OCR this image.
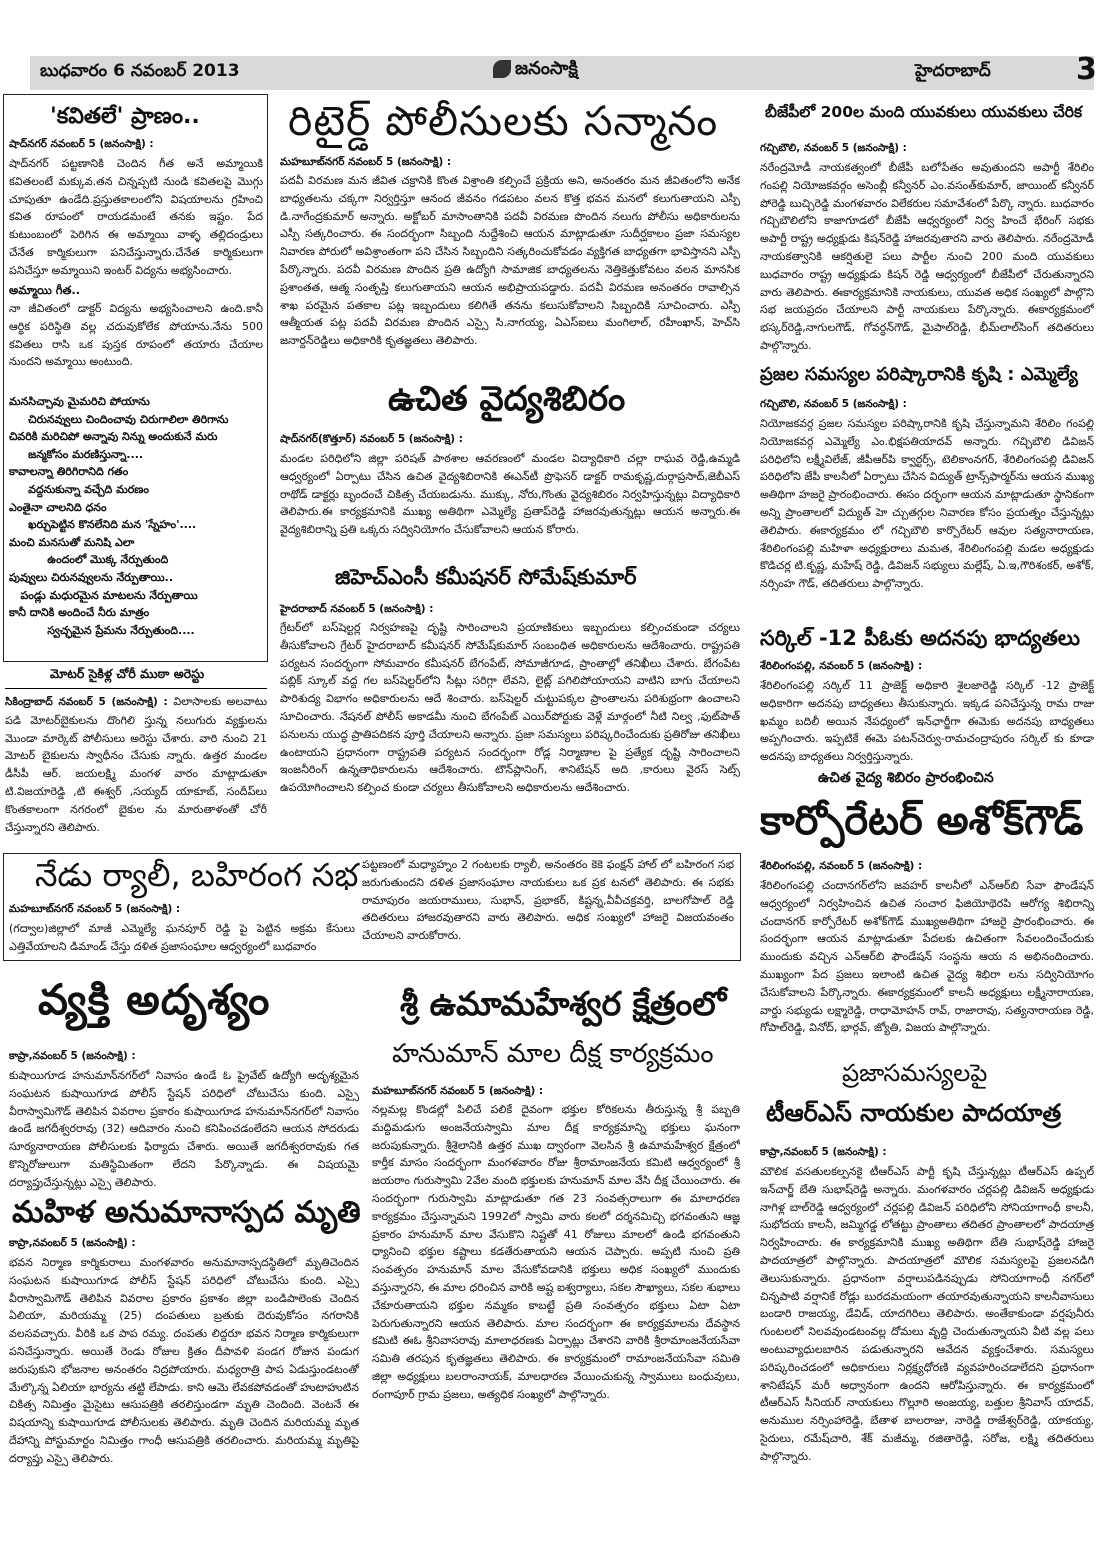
బుధవారం 6 నవంబర్ 2013	జనంసాక్షి	హైదరాబాద్	3
'కవితలే' ప్రాణం..
షాద్‌నగర్ నవంబర్ 5 (జనంసాక్షి) :
షాద్‌నగర్ పట్టణానికి చెందిన గీత అనే అమ్మాయికి కవితలంటే మక్కువ.తన చిన్నప్పటి నుండి కవితలపై మొగ్గు చూపుతూ ఉండేది.ప్రస్తుతకాలంలోని విషయాలను గ్రహించి కవిత రూపంలో రాయడమంటే తనకు ఇష్టం. పేద కుటుంబంలో పెరిగిన ఈ అమ్మాయి వాళ్ళ తల్లిదండ్రులు చేనేత కార్మికులుగా పనిచేస్తున్నారు.చేనేత కార్మికులుగా పనిచేస్తూ అమ్మాయిని ఇంటర్ విద్యను అభ్యసించారు.
అమ్మాయి గీత..
నా జీవితంలో డాక్టర్ విద్యను అభ్యసించాలని ఉంది.కానీ ఆర్థిక పరిస్థితి వల్ల చదువుకోలేక పోయాను.నేను 500 కవితలు రాసి ఒక పుస్తక రూపంలో తయారు చేయాల నుందని అమ్మాయి అంటుంది.
మనసిచ్చావు మైమరిచి పోయాను
చిరునవ్వులు చిందించావు చిరుగాలిలా తిరిగాను
చివరికి మరిచిపో అన్నావు నిన్ను అందుకునే మరు
జన్మకోసం మరణిస్తున్నా....
కావాలన్నా తిరిగిరానిది గతం
వద్దనుకున్నా వచ్చేది మరణం
ఎంతైనా చాలనిది ధనం
ఖర్చుపెట్టిన కొనలేనిది మన 'స్నేహం'....
మంచి మనసుతో మనిషి ఎలా
ఉందంలో మొక్క నేర్పుతుంది
పువ్వులు చిరునవ్వులను నేర్పుతాయి..
పండ్లు మధురమైన మాటలను నేర్పుతాయి
కానీ దానికి అందించే నీరు మాత్రం
స్వచ్ఛమైన ప్రేమను నేర్పుతుంది....
మోటర్ సైకిళ్ల చోరీ ముఠా అరెస్టు
సికింద్రాబాద్ నవంబర్ 5 (జనంసాక్షి) : విలాసాలకు అలవాటు పడి మోటర్‌బైకులను దొంగిలి స్తున్న నలుగురు వ్యక్తులను మొండా మార్కెట్ పోలీసులు అరెస్టు చేశారు. వారి నుంచి 21 మోటర్ బైకులను స్వాధీనం చేసుకు న్నారు. ఉత్తర మండల డీసీపీ ఆర్. జయలక్ష్మి మంగళ వారం మాట్లాడుతూ టి.విజయారెడ్డి ,టి ఈశ్వర్ ,సయ్యద్ యాకూబ్, సందీప్‌లు కొంతకాలంగా నగరంలో బైకుల ను మారుతాళంతో చోరీ చేస్తున్నారని తెలిపారు.
రిటైర్డ్ పోలీసులకు సన్మానం
మహబూబ్‌నగర్ నవంబర్ 5 (జనంసాక్షి) :
పదవీ విరమణ మన జీవిత చక్రానికి కొంత విశ్రాంతి కల్పించే ప్రక్రియ అని, అనంతరం మన జీవితంలోని అనేక బాధ్యతలను చక్కగా నిర్వర్తిస్తూ ఆనంద జీవనం గడపటం వలన కొత్త భవన మనలో కలుగుతాయని ఎస్పీ డి.నాగేంద్రకుమార్ అన్నారు. అక్టోబర్ మాసాంతానికి పదవీ విరమణ పొందిన నలుగు పోలీసు అధికారులను ఎస్పీ సత్కరించారు. ఈ సందర్భంగా సిబ్బంది నుద్దేశించి ఆయన మాట్లాడుతూ సుదీర్ఘకాలం ప్రజా సమస్యల నివారణ పోరులో అవిశ్రాంతంగా పని చేసిన సిబ్బందిని సత్కరించుకోవడం వ్యక్తిగత బాధ్యతగా భావిస్తానని ఎస్పీ పేర్కొన్నారు. పదవీ విరమణ పొందిన ప్రతి ఉద్యోగి సామాజిక బాధ్యతలను నెత్తికెత్తుకోవటం వలన మానసిక ప్రశాంతత, ఆత్మ సంతృప్తి కలుగుతాయని ఆయన అభిప్రాయపడ్డారు. పదవీ విరమణ అనంతరం రావాల్సిన శాఖ పరమైన పతకాల పట్ల ఇబ్బందులు కలిగితే తనను కలుసుకోవాలని సిబ్బందికి సూచించారు. ఎస్పీ ఆత్మీయత పట్ల పదవీ విరమణ పొందిన ఎస్సై సి.నాగయ్య, ఏఎస్‌ఐలు మంగిలాల్, రహీంఖాన్, హెచ్‌సి జనార్దన్‌రెడ్డిలు అధికారికి కృతజ్ఞతలు తెలిపారు.
ఉచిత వైద్యశిబిరం
షాద్‌నగర్(కొత్తూర్) నవంబర్ 5 (జనంసాక్షి) :
మండల పరిధిలోని జిల్లా పరిషత్ పాఠశాల ఆవరణంలో మండల విద్యాధికారి చల్లా రాఘవ రెడ్డి,ఉమ్మడి ఆధ్వర్యంలో ఏర్పాటు చేసిన ఉచిత వైద్యశిబిరానికి ఈఎన్‌టీ ప్రొఫెసర్ డాక్టర్ రామకృష్ణ,దుర్గాప్రసాద్,జెబీఎస్ రాథోడ్ డాక్టర్లు బృందంచే చికిత్స చేయబడును. ముక్కు, నోరు,గొంతు వైద్యశిబిరం నిర్వహిస్తున్నట్లు విద్యాధికారి తెలిపారు.ఈ కార్యక్రమానికి ముఖ్య అతిథిగా ఎమ్మెల్యే ప్రతాప్‌రెడ్డి హాజరవుతున్నట్లు ఆయన అన్నారు.ఈ వైద్యశిబిరాన్ని ప్రతి ఒక్కరు సద్వినియోగం చేసుకోవాలని ఆయన కోరారు.
జిహెచ్‌ఎంసీ కమీషనర్ సోమేష్‌కుమార్
హైదరాబాద్ నవంబర్ 5 (జనంసాక్షి) :
గ్రేటర్‌లో బస్‌షెల్టర్ల నిర్వహణపై దృష్టి సారించాలని ప్రయాణికులు ఇబ్బందులు కల్పించకుండా చర్యలు తీసుకోవాలని గ్రేటర్ హైదరాబాద్ కమీషనర్ సోమేష్‌కుమార్ సంబంధిత అధికారులను ఆదేశించారు. రాష్ట్రపతి పర్యటన సందర్భంగా సోమవారం కమీషనర్ బేగంపేట్, సోమాజీగూడ, ప్రాంతాల్లో తనిఖీలు చేశారు. బేగంపేట పబ్లిక్ స్కూల్ వద్ద గల బస్‌షెల్టర్‌లోని సీట్లు సరిగ్గా లేవని, లైట్ల్ పగిలిపోయాయని వాటిని బాగు చేయాలని పారిశుద్య విభాగం అధికారులను ఆదే శించారు. బస్‌షెల్టర్ చుట్టుపక్కల ప్రాంతాలను పరిశుభ్రంగా ఉంచాలని సూచించారు. నేషనల్ పోలీస్ అకాడమీ నుంచి బేగంపేట్ ఎయిర్‌పోర్టుకు వెళ్లే మార్గంలో నీటి నిల్వ ,ఫుట్‌పాత్ పనులను యుద్ధ ప్రాతిపదికన పూర్తి చేయాలని అన్నారు. ప్రజా సమస్యలు పరిష్కరించేందుకు ప్రతిరోజు తనిఖీలు ఉంటాయని ప్రధానంగా రాష్ట్రపతి పర్యటన సందర్భంగా రోడ్ల నిర్మాణాల పై ప్రత్యేక దృష్టి సారించాలని ఇంజనీరింగ్ ఉన్నతాధికారులను ఆదేశించారు. టౌన్‌ప్లానింగ్, శానిటేషన్ అది ,కారులు వైరస్ సెట్స్ ఉపయోగించాలని కల్పించ కుండా చర్యలు తీసుకోవాలని అధికారులను ఆదేశించారు.
నేడు ర్యాలీ, బహిరంగ సభ
మహబూబ్‌నగర్ నవంబర్ 5 (జనంసాక్షి) :
(గద్వాల)జిల్లాలో మాజీ ఎమ్మెల్యే ఘనపూర్ రెడ్డి పై పెట్టిన అక్రమ కేసులు ఎత్తివేయాలని డిమాండ్ చేస్తు దళిత ప్రజాసంఘాల ఆధ్వర్యంలో బుధవారం
పట్టణంలో మధ్యాహ్నం 2 గంటలకు ర్యాలీ, అనంతరం కెకె ఫంక్షన్ హాల్ లో బహిరంగ సభ జరుగుతుందని దళిత ప్రజాసంఘాల నాయకులు ఒక ప్రక టనలో తెలిపారు. ఈ సభకు రామాపురం జయరాములు, సుభాన్, ప్రభాకర్, కిష్టన్న,వీవీచక్రవర్తి, బాలగోపాల్ రెడ్డి తదితరులు హాజరవుతారని వారు తెలిపారు. అధిక సంఖ్యలో హాజరై విజయవంతం చేయాలని వారుకోరారు.
వ్యక్తి అదృశ్యం
కాప్రా,నవంబర్ 5 (జనంసాక్షి) :
కుషాయిగూడ హనుమాన్‌నగర్‌లో నివాసం ఉండే ఓ ప్రైవేట్ ఉద్యోగి అదృశ్యమైన సంఘటన కుషాయిగూడ పోలీస్ స్టేషన్ పరిధిలో చోటుచేసు కుంది. ఎస్సై వీరాస్వామిగౌడ్ తెలిపిన వివరాల ప్రకారం కుషాయిగూడ హనుమాన్‌నగర్‌లో నివాసం ఉండే జగదీశ్వరరావు (32) ఆదివారం నుంచి కనిపించడంలేదని ఆయన సోదరుడు సూర్యనారాయణ పోలీసులకు ఫిర్యాదు చేశారు. అయితే జగదీశ్వరరావుకు గత కొన్నిరోజులుగా మతిస్థిమితంగా లేదని పేర్కొన్నాడు. ఈ విషయమై దర్యాప్తుచేస్తున్నట్లు ఎస్సై తెలిపారు.
మహిళ అనుమానాస్పద మృతి
కాప్రా,నవంబర్ 5 (జనంసాక్షి) :
భవన నిర్మాణ కార్మికురాలు మంగళవారం అనుమానాస్పదస్థితిలో మృతిచెందిన సంఘటన కుషాయిగూడ పోలీస్ స్టేషన్ పరిధిలో చోటుచేసు కుంది. ఎస్సై వీరాస్వామిగౌడ్ తెలిపిన వివరాల ప్రకారం ప్రకాశం జిల్లా బండిపాలెంకు చెందిన ఏలియా, మరియమ్మ (25) దంపతులు బ్రతుకు దెరువుకోసం నగరానికి వలసవచ్చారు. వీరికి ఒక పాప రమ్య. దంపతు లిద్దరూ భవన నిర్మాణ కార్మికులుగా పనిచేస్తున్నారు. అయితే రెండు రోజుల క్రితం దీపావళి పండగ రోజున పండుగ జరుపుకుని భోజనాల అనంతరం నిద్రపోయారు. మధ్యరాత్రి పాప ఏడుస్తుండటంతో మేల్కొన్న ఏలియా భార్యను తట్టి లేపాడు. కాని ఆమె లేవకపోవడంతో హుటాహుటిన చికిత్స నిమిత్తం మైసైటు ఆసుపత్రికి తరలిస్తుండగా మృతి చెందింది. వెంటనే ఈ విషయాన్ని కుషాయిగూడ పోలీసులకు తెలిపారు. మృతి చెందిన మరియమ్మ మృత దేహాన్ని పోస్టుమార్టం నిమిత్తం గాంధీ ఆసుపత్రికి తరలించారు. మరియమ్మ మృతిపై దర్యాప్తు ఎస్సై తెలిపారు.
శ్రీ ఉమామహేశ్వర క్షేత్రంలో
హనుమాన్ మాల దీక్ష కార్యక్రమం
మహబూబ్‌నగర్ నవంబర్ 5 (జనంసాక్షి) :
నల్లమల్ల కొండల్లో పిలిచే పలికే దైవంగా భక్తుల కోరికలను తీరుస్తున్న శ్రీ పబ్బతి మద్దిమడుగు అంజనేయస్వామి మాల దీక్ష కార్యక్రమాన్ని భక్తులు ఘనంగా జరుపుకున్నారు. శ్రీశైలానికి ఉత్తర ముఖ ద్వారంగా వెలసిన శ్రీ ఉమామహేశ్వర క్షేత్రంలో కార్తీక మాసం సందర్భంగా మంగళవారం రోజు శ్రీరామాంజనేయ కమిటి ఆధ్వర్యంలో శ్రీ జయరాం గురుస్వామి 2వేల మంది భక్తులకు హనుమాన్ మాల వేసి దీక్ష చేయించారు. ఈ సందర్భంగా గురుస్వామి మాట్లాడుతూ గత 23 సంవత్సరాలుగా ఈ మాలాధరణ కార్యక్రమం చేస్తున్నామని 1992లో స్వామి వారు కలలో దర్శనమిచ్చి భగవంతుని ఆజ్ఞ ప్రకారం హనుమాన్ మాల వేసుకొని నిష్టతో 41 రోజులు మాలలో ఉండి భగవంతుని ధ్యానించి భక్తుల కష్టాలు కడతేరుతాయని ఆయన చెప్పారు. అప్పటి నుంచి ప్రతి సంవత్సరం హనుమాన్ మాల వేసుకోవడానికి భక్తులు అధిక సంఖ్యలో ముందుకు వస్తున్నారని, ఈ మాల ధరించిన వారికి అష్ట ఐశ్వర్యాలు, సకల సౌఖ్యాలు, సకల శుభాలు చేకూరుతాయని భక్తుల నమ్మకం కాబట్టే ప్రతి సంవత్సరం భక్తులు ఏటా ఏటా పెరుగుతున్నారని ఆయన తెలిపారు. మాల సందర్భంగా ఈ కార్యక్రమాలను దేవస్థాన కమిటి ఈఓ శ్రీనివాసరావు మాలాధరణకు ఏర్పాట్లు చేశారని వారికి శ్రీరామాంజనేయసేవా సమితి తరపున కృతజ్ఞతలు తెలిపారు. ఈ కార్యక్రమంలో రామాంజనేయసేవా సమితి జిల్లా అధ్యక్షులు బలరాంనాయక్, మాలధారణ వేయించుకున్న స్వాములు బంధువులు, రంగాపూర్ గ్రామ ప్రజలు, అత్యధిక సంఖ్యలో పాల్గొన్నారు.
బీజేపీలో 200ల మంది యువకులు యువకులు చేరిక
గచ్చిబౌలి, నవంబర్ 5 (జనంసాక్షి) :
నరేంద్రమోడీ నాయకత్వంలో బీజేపీ బలోపేతం అవుతుందని అపార్టీ శేరిలిం గంపల్లి నియోజకవర్గం అసెంబ్లీ కన్వీనర్ ఎం.వసంత్‌కుమార్, జాయింట్ కన్వీనర్ పోరెడ్డి బుచ్చిరెడ్డి మంగళవారం విలేకరుల సమావేశంలో పేర్కొ న్నారు. బుధవారం గచ్చిబౌలిలోని కాజాగూడలో బీజేపీ ఆధ్వర్యంలో నిర్వ హించే భేరింగ్ సభకు అపార్టీ రాష్ట్ర అధ్యక్షుడు కిషన్‌రెడ్డి హాజరవుతారని వారు తెలిపారు. నరేంద్రమోడీ నాయకత్వానికి ఆకర్షితులై పలు పార్టీల నుంచి 200 మంది యువకులు బుధవారం రాష్ట్ర అధ్యక్షుడు కిషన్ రెడ్డి ఆధ్వర్యంలో బీజేపీలో చేరుతున్నారని వారు తెలిపారు. ఈకార్యక్రమానికి నాయకులు, యువత అధిక సంఖ్యలో పాల్గొని సభ జయప్రదం చేయాలని పార్టీ నాయకులు పేర్కొన్నారు. ఈకార్యక్రమంలో భస్కర్‌రెడ్డి,నాగులగౌడ్, గోవర్ధన్‌గౌడ్, మైపాల్‌రెడ్డి, భీమ్‌లాల్‌సింగ్ తదితరులు పాల్గొన్నారు.
ప్రజల సమస్యల పరిష్కారానికి కృషి : ఎమ్మెల్యే
గచ్చిబౌలి, నవంబర్ 5 (జనంసాక్షి) :
నియోజకవర్గ ప్రజల సమస్యల పరిష్కారానికి కృషి చేస్తున్నామని శేరిలిం గంపల్లి నియోజకవర్గ ఎమ్మెల్యే ఎం.భిక్షపతియాదవ్ అన్నారు. గచ్చిబౌలి డివిజన్ పరిధిలోని లక్ష్మీవిలేజ్, జీపీఆర్‌పి క్వార్టర్స్, టెలికాంనగర్, శేరిలింగంపల్లి డివిజన్ పరిధిలోని జేపీ కాలనీలో ఏర్పాటు చేసిన విద్యుత్ ట్రాన్స్‌ఫార్మర్‌ను ఆయన ముఖ్య అతిథిగా హజరై ప్రారంభించారు. ఈసం దర్భంగా ఆయన మాట్లాడుతూ స్థానికంగా అన్ని ప్రాంతాలలో విద్యుత్ హె చ్చుతగ్గుల నివారణ కోసం ప్రయత్నం చేస్తున్నట్లు తెలిపారు. ఈకార్యక్రమం లో గచ్చిబౌలి కార్పొరేటర్ ఆవుల సత్యనారాయణ, శేరిలింగంపల్లి మహిళా అధ్యక్షురాలు మమత, శేరిలింగంపల్లి మడల అధ్యక్షుడు కొడిచర్ల టి.కృష్ణ, మహేష్ రెడ్డి, డివిజన్ సభ్యులు మల్లేష్, ఏ.ఇ,గౌరిశంకర్, అశోక్, నర్సింహ గౌడ్, తదితరులు పాల్గొన్నారు.
సర్కిల్ -12 పీఓకు అదనపు భాద్యతలు
శేరిలింగంపల్లి, నవంబర్ 5 (జనంసాక్షి) :
శేరిలింగంపల్లి సర్కిల్ 11 ప్రాజెక్ట్ అధికారి శైలజారెడ్డి సర్కిల్ -12 ప్రాజెక్ట్ అధికారిగా అదనపు బాధ్యతలు తీసుకున్నారు. ఇక్కడ పనిచేస్తున్న రామ రాజు ఖమ్మం బదిలీ అయిన నేపధ్యంలో ఇన్‌ఛార్జీగా ఈమెకు అదనపు బాధ్యతలు అప్పగించారు. ఇప్పటికే ఈమె పటన్‌చెర్వు-రామచంద్రాపురం సర్కిల్ కు కూడా అదనపు బాధ్యతలు నిర్వర్తిస్తున్నారు.
ఉచిత వైద్య శిబిరం ప్రారంభించిన
కార్పోరేటర్ అశోక్‌గౌడ్
శేరిలింగంపల్లి, నవంబర్ 5 (జనంసాక్షి) :
శేరిలింగంపల్లి చందానగర్‌లోని జవహర్ కాలనీలో ఎన్‌ఆర్‌బి సేవా ఫౌండేషన్ ఆధ్వర్యంలో నిర్వహించిన ఉచిత సంచార ఫిజియోథెరపి ఆరోగ్య శిభిరాన్ని చందానగర్ కార్పోరేటర్ అశోక్‌గౌడ్ ముఖ్యఅతిథిగా హాజరై ప్రారంభించారు. ఈ సందర్భంగా ఆయన మాట్లాడుతూ పేదలకు ఉచితంగా సేవలందించేందుకు ముందుకు వచ్చిన ఎన్‌ఆర్‌బి ఫౌండేషన్ సంస్థను ఆయ న అభినందించారు. ముఖ్యంగా పేద ప్రజలు ఇలాంటి ఉచిత వైద్య శిభిరా లను సద్వినియోగం చేసుకోవాలని పేర్కొన్నారు. ఈకార్యక్రమంలో కాలనీ అధ్యక్షులు లక్ష్మీనారాయణ, వార్డు సభ్యుడు లక్ష్మారెడ్డి, రాధామోహన్ రావ్, రాజారావు, సత్యనారాయణ రెడ్డి, గోపాల్‌రెడ్డి, వినోద్, భార్గవ్, జ్యోతి, విజయ పాల్గొన్నారు.
ప్రజాసమస్యలపై
టీఆర్ఎస్ నాయకుల పాదయాత్ర
కాప్రా,నవంబర్ 5 (జనంసాక్షి) :
మౌలిక వసతులకల్పనకై టీఆర్ఎస్ పార్టీ కృషి చేస్తున్నట్లు టీఆర్ఎస్ ఉప్పల్ ఇన్‌చార్జ్ బేతి సుభాష్‌రెడ్డి అన్నారు. మంగళవారం చర్లపల్లి డివిజన్ అధ్యక్షుడు నాగిళ్ల బాల్‌రెడ్డి ఆధ్వర్యంలో చర్లపల్లి డివిజన్ పరిధిలోని సోనియాగాంధీ కాలనీ, సుభోదయ కాలనీ, జమ్మిగడ్డ లోతట్టు ప్రాంతాలు తదితర ప్రాంతాలలో పాదయాత్ర నిర్వహించారు. ఈ కార్యక్రమానికి ముఖ్య అతిథిగా బేతి సుభాష్‌రెడ్డి హాజరై పాదయాత్రలో పాల్గొన్నారు. పాదయాత్రలో మౌలిక సమస్యలపై ప్రజలనడిగి తెలుసుకున్నారు. ప్రధానంగా వర్షాలుపడినప్పుడు సోనియాగాంధీ నగర్‌లో చిన్నపాటి వర్షానికే రోడ్లు బురదమయంగా తయారవుతున్నాయని కాలనీవాసులు బండారి రాజయ్య, డేవిడ్, యాదగిరిలు తెలిపారు. అంతేకాకుండా వర్షపునీరు గుంటలలో నిలవవుండటంవల్ల దోమలు వృద్ది చెందుతున్నాయని వీటి వల్ల పలు అంటువ్యాధులబారిన పడుతున్నారని ఆవేదన వ్యక్తంచేశారు. సమస్యలు పరిష్కరించడంలో అధికారులు నిర్లక్ష్యధోరణి వ్యవహరించడాలేదని ప్రధానంగా శానిటేషన్ మరీ అధ్వానంగా ఉందని ఆరోపిస్తున్నారు. ఈ కార్యక్రమంలో టీఆర్ఎస్ సీనియర్ నాయకులు గొల్లూరి అంజయ్య, బత్తుల శ్రీనివాస్ యాదవ్, అనుముల నర్సింహారెడ్డి, బేతాళ బాలరాజు, నారెడ్డి రాజేశ్వర్‌రెడ్డి, యాకయ్య, సైదులు, రమేష్‌చారి, శేక్ మజీమ్మ, రజితారెడ్డి, సరోజ, లక్ష్మి తదితరులు పాల్గొన్నారు.
